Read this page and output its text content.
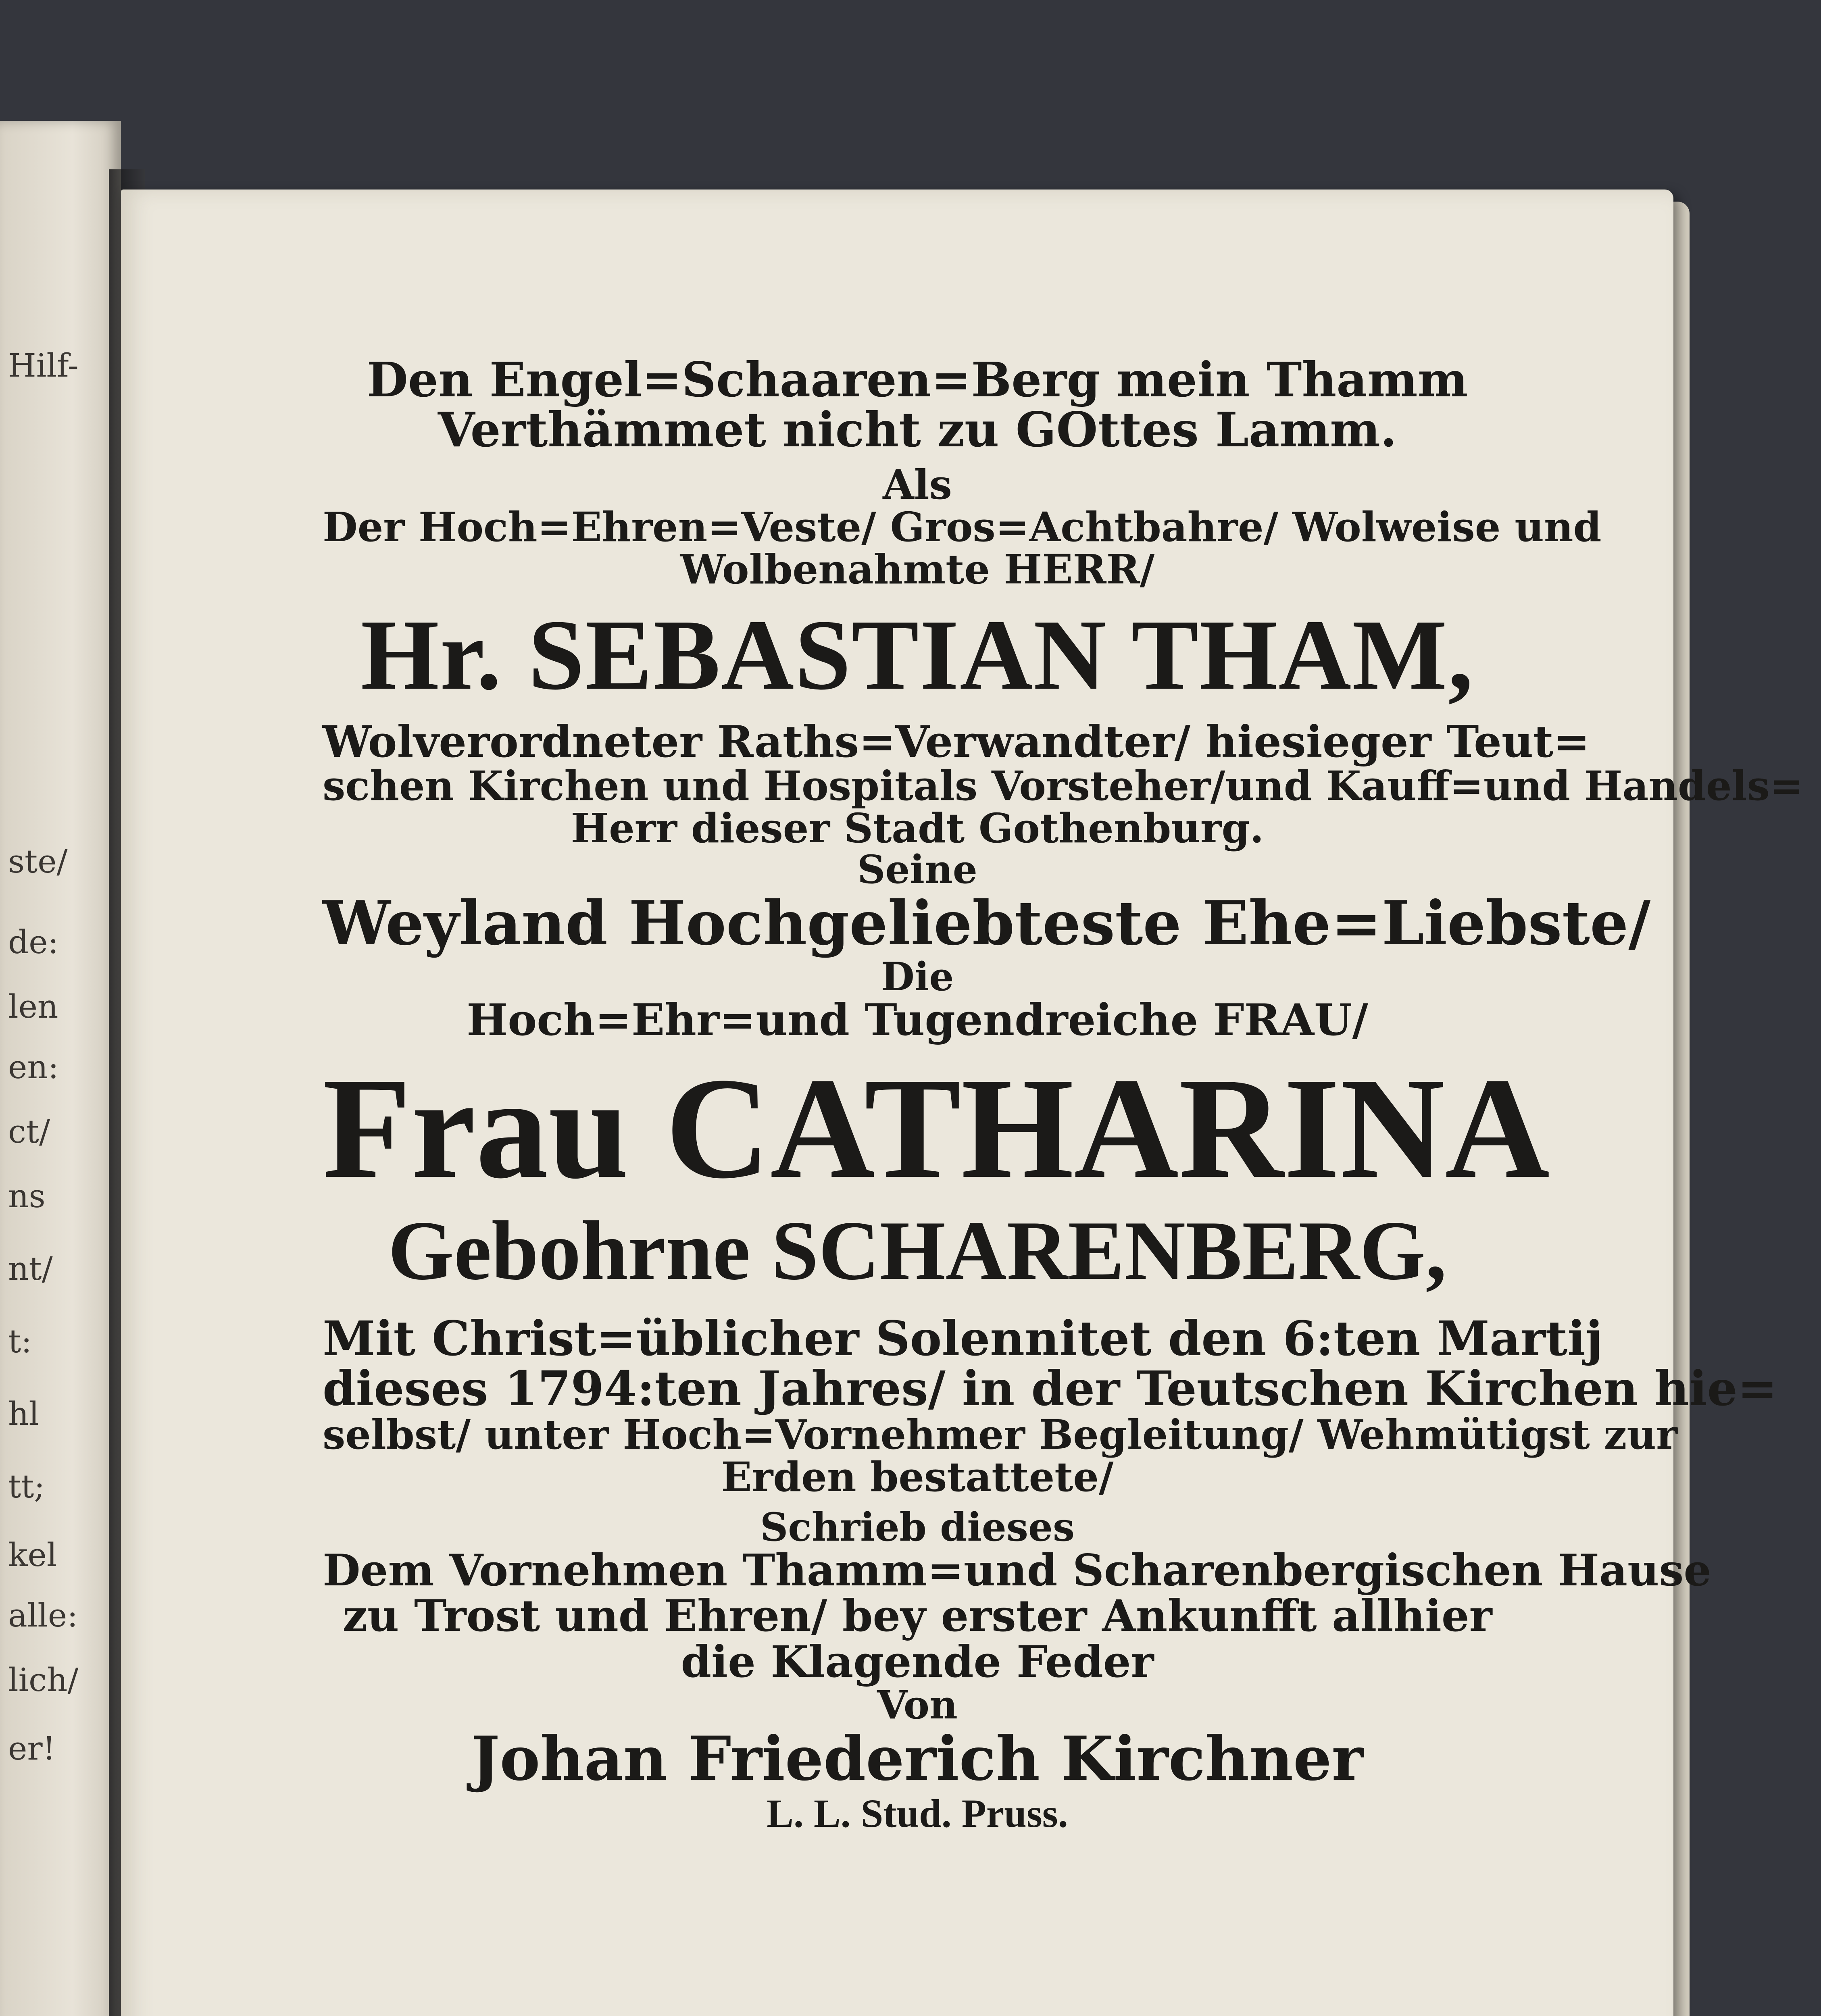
Hilf-
ste/
de:
len
en:
ct/
ns
nt/
t:
hl
tt;
kel
alle:
lich/
er!
Den Engel=Schaaren=Berg mein Thamm
Verthämmet nicht zu GOttes Lamm.
Als
Der Hoch=Ehren=Veste/ Gros=Achtbahre/ Wolweise und
Wolbenahmte HERR/
Hr. SEBASTIAN THAM,
Wolverordneter Raths=Verwandter/ hiesieger Teut=
schen Kirchen und Hospitals Vorsteher/und Kauff=und Handels=
Herr dieser Stadt Gothenburg.
Seine
Weyland Hochgeliebteste Ehe=Liebste/
Die
Hoch=Ehr=und Tugendreiche FRAU/
Frau CATHARINA
Gebohrne SCHARENBERG,
Mit Christ=üblicher Solennitet den 6:ten Martij
dieses 1794:ten Jahres/ in der Teutschen Kirchen hie=
selbst/ unter Hoch=Vornehmer Begleitung/ Wehmütigst zur
Erden bestattete/
Schrieb dieses
Dem Vornehmen Thamm=und Scharenbergischen Hause
zu Trost und Ehren/ bey erster Ankunfft allhier
die Klagende Feder
Von
Johan Friederich Kirchner
L. L. Stud. Pruss.
